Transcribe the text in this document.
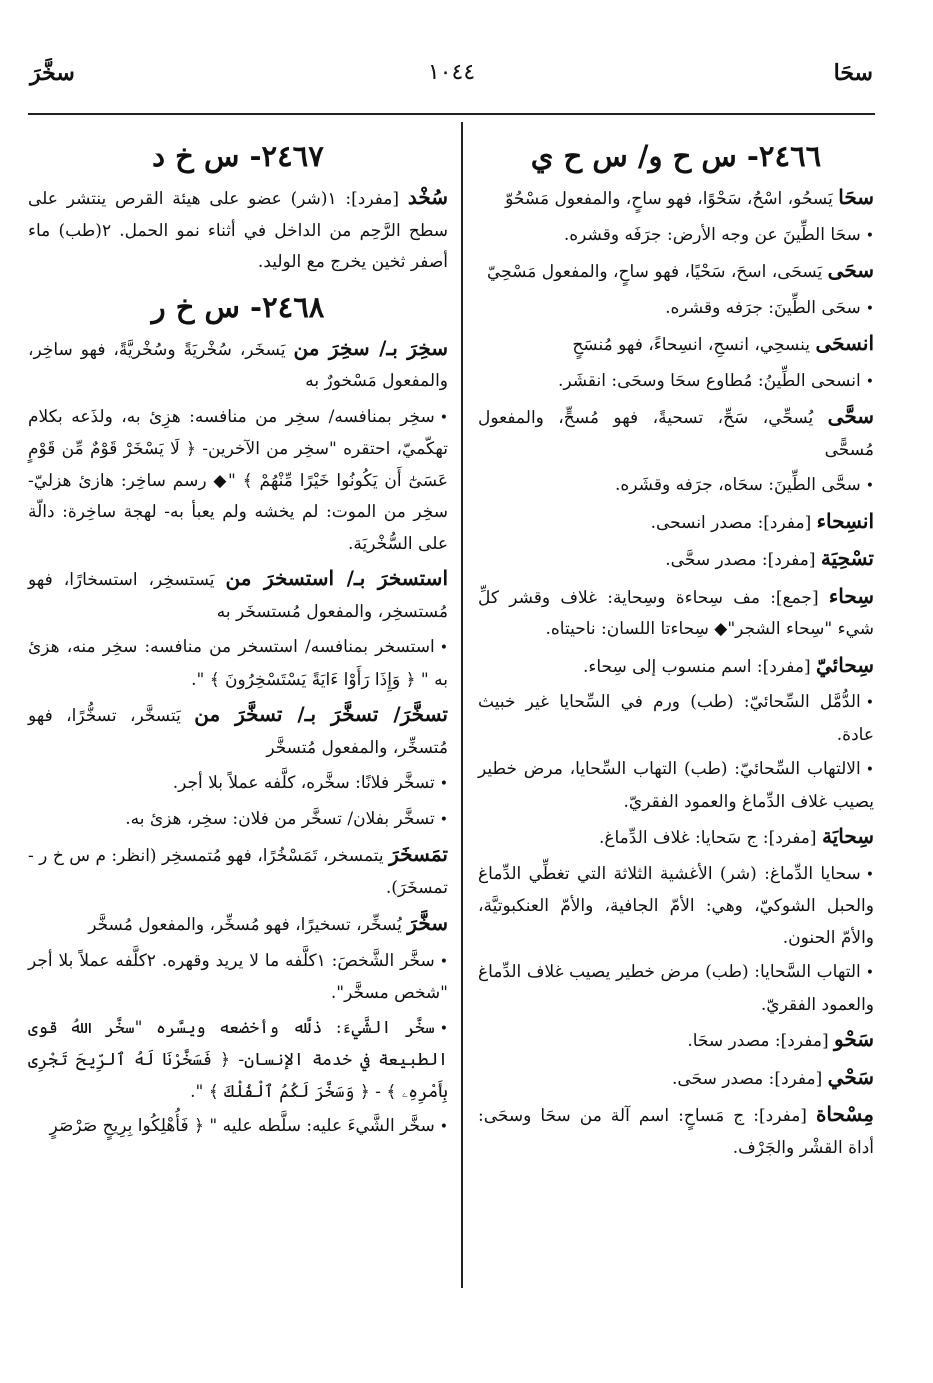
سحَا
١٠٤٤
سخَّرَ
٢٤٦٦- س ح و/ س ح ي

سحَا يَسحُو، اسْحُ، سَحْوًا، فهو ساحٍ، والمفعول مَسْحُوّ

•سحَا الطِّينَ عن وجه الأرض: جرَفَه وقشره.

سحَى يَسحَى، اسحَ، سَحْيًا، فهو ساحٍ، والمفعول مَسْحِيّ

•سحَى الطِّينَ: جرَفه وقشره.

انسحَى ينسحِي، انسحِ، انسِحاءً، فهو مُنسَحٍ

•انسحى الطِّينُ: مُطاوع سحَا وسحَى: انقشَر.

سحَّى يُسحِّي، سَحِّ، تسحيةً، فهو مُسحٍّ، والمفعول مُسحًّى

•سحَّى الطِّينَ: سحَاه، جرَفه وقشَره.

انسِحاء [مفرد]: مصدر انسحى.

تسْحِيَة [مفرد]: مصدر سحَّى.

سِحاء [جمع]: مف سِحاءة وسِحاية: غلاف وقشر كلِّ شيء "سِحاء الشجر"◆ سِحاءتا اللسان: ناحيتاه.

سِحائيّ [مفرد]: اسم منسوب إلى سِحاء.

•الدُّمَّل السِّحائيّ: (طب) ورم في السِّحايا غير خبيث عادة.

•الالتهاب السِّحائيّ: (طب) التهاب السِّحايا، مرض خطير يصيب غلاف الدِّماغ والعمود الفقريّ.

سِحايَة [مفرد]: ج سَحايا: غلاف الدِّماغ.

•سحايا الدِّماغ: (شر) الأغشية الثلاثة التي تغطِّي الدِّماغ والحبل الشوكيّ، وهي: الأمّ الجافية، والأمّ العنكبوتيَّة، والأمّ الحنون.

•التهاب السَّحايا: (طب) مرض خطير يصيب غلاف الدِّماغ والعمود الفقريّ.

سَحْو [مفرد]: مصدر سحَا.

سَحْي [مفرد]: مصدر سحَى.

مِسْحاة [مفرد]: ج مَساحٍ: اسم آلة من سحَا وسحَى: أداة القشْر والجَرْف.

٢٤٦٧- س خ د

سُخْد [مفرد]: ١(شر) عضو على هيئة القرص ينتشر على سطح الرَّحِم من الداخل في أثناء نمو الحمل. ٢(طب) ماء أصفر ثخين يخرج مع الوليد.

٢٤٦٨- س خ ر

سخِرَ بـ/ سخِرَ من يَسخَر، سُخْريَةً وسُخْريَّةً، فهو ساخِر، والمفعول مَسْخورٌ به

•سخِر بمنافسه/ سخِر من منافسه: هزِئ به، ولذَعه بكلام تهكّميّ، احتقره "سخِر من الآخرين- ﴿ لَا يَسْخَرْ قَوْمٌ مِّن قَوْمٍ عَسَىٰٓ أَن يَكُونُوا خَيْرًا مِّنْهُمْ ﴾ "◆ رسم ساخِر: هازئ هزليّ- سخِر من الموت: لم يخشه ولم يعبأ به- لهجة ساخِرة: دالّة على السُّخْريَة.

استسخرَ بـ/ استسخرَ من يَستسخِر، استسخارًا، فهو مُستسخِر، والمفعول مُستسخَر به

•استسخر بمنافسه/ استسخر من منافسه: سخِر منه، هزئ به " ﴿ وَإِذَا رَأَوْا ءَايَةً يَسْتَسْخِرُونَ ﴾ ".

تسخَّرَ/ تسخَّرَ بـ/ تسخَّرَ من يَتسخَّر، تسخُّرًا، فهو مُتسخِّر، والمفعول مُتسخَّر

•تسخَّر فلانًا: سخَّره، كلَّفه عملاً بلا أجر.

•تسخَّر بفلان/ تسخَّر من فلان: سخِر، هزئ به.

تمَسخَرَ يتمسخر، تَمَسْخُرًا، فهو مُتمسخِر (انظر: م س خ ر - تمسخَرَ).

سخَّرَ يُسخِّر، تسخيرًا، فهو مُسخِّر، والمفعول مُسخَّر

•سخَّر الشَّخصَ: ١كلَّفه ما لا يريد وقهره. ٢كلَّفه عملاً بلا أجر "شخص مسخَّر".

•سخَّر الشَّيءَ: ذلَّله وأخضعه ويسَّره "سخَّر اللهُ قوى الطبيعة في خدمة الإنسان- ﴿ فَسَخَّرْنَا لَهُ ٱلرِّيحَ تَجْرِى بِأَمْرِهِۦ ﴾ - ﴿ وَسَخَّرَ لَكُمُ ٱلْفُلْكَ ﴾ ".

•سخَّر الشَّيءَ عليه: سلَّطه عليه " ﴿ فَأُهْلِكُوا بِرِيحٍ صَرْصَرٍ
